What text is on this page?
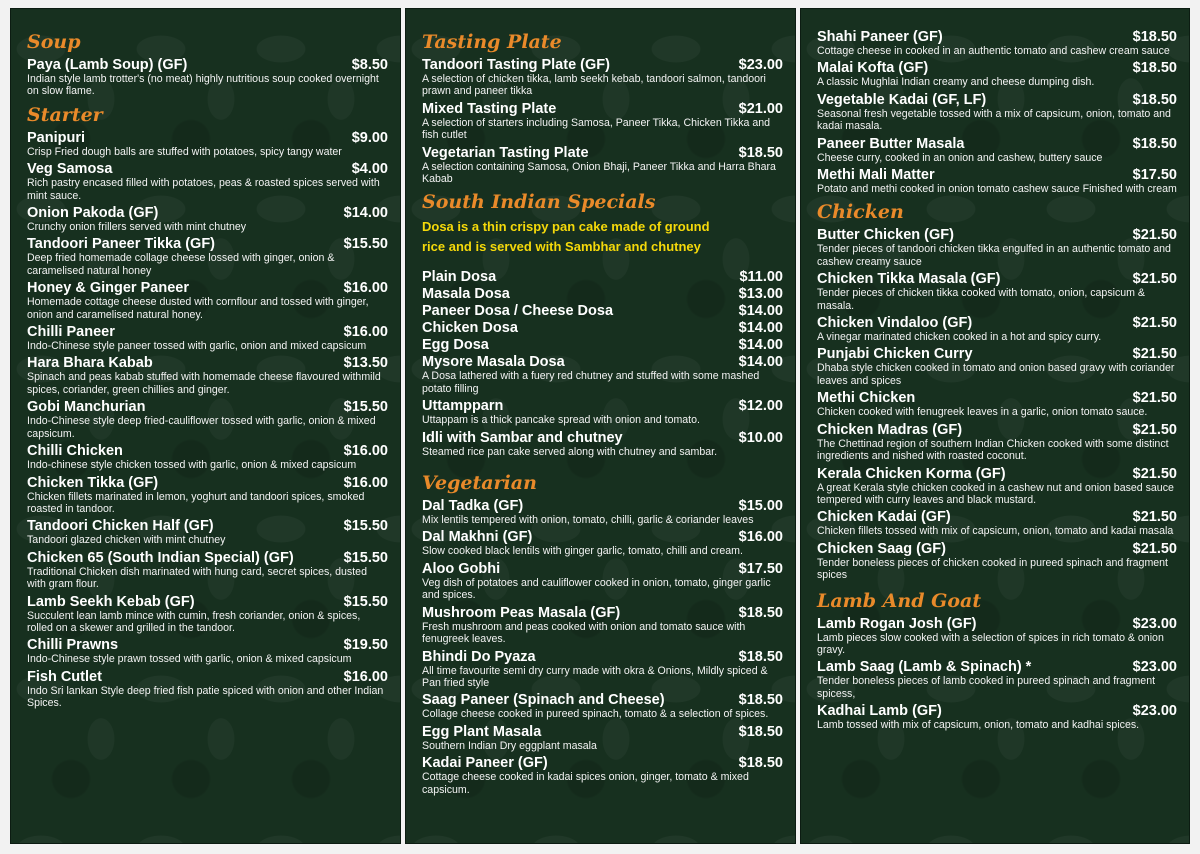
Soup
Paya (Lamb Soup) (GF)	$8.50
Indian style lamb trotter's (no meat) highly nutritious soup cooked overnight on slow flame.
Starter
Panipuri	$9.00
Crisp Fried dough balls are stuffed with potatoes, spicy tangy water
Veg Samosa	$4.00
Rich pastry encased filled with potatoes, peas & roasted spices served with mint sauce.
Onion Pakoda (GF)	$14.00
Crunchy onion frillers served with mint chutney
Tandoori Paneer Tikka (GF)	$15.50
Deep fried homemade collage cheese lossed with ginger, onion & caramelised natural honey
Honey & Ginger Paneer	$16.00
Homemade cottage cheese dusted with cornflour and tossed with ginger, onion and caramelised natural honey.
Chilli Paneer	$16.00
Indo-Chinese style paneer tossed with garlic, onion and mixed capsicum
Hara Bhara Kabab	$13.50
Spinach and peas kabab stuffed with homemade cheese flavoured withmild spices, coriander, green chillies and ginger.
Gobi Manchurian	$15.50
Indo-Chinese style deep fried-cauliflower tossed with garlic, onion & mixed capsicum.
Chilli Chicken	$16.00
Indo-chinese style chicken tossed with garlic, onion & mixed capsicum
Chicken Tikka (GF)	$16.00
Chicken fillets marinated in lemon, yoghurt and tandoori spices, smoked roasted in tandoor.
Tandoori Chicken Half (GF)	$15.50
Tandoori glazed chicken with mint chutney
Chicken 65 (South Indian Special) (GF)	$15.50
Traditional Chicken dish marinated with hung card, secret spices, dusted with gram flour.
Lamb Seekh Kebab (GF)	$15.50
Succulent lean lamb mince with cumin, fresh coriander, onion & spices, rolled on a skewer and grilled in the tandoor.
Chilli Prawns	$19.50
Indo-Chinese style prawn tossed with garlic, onion & mixed capsicum
Fish Cutlet	$16.00
Indo Sri lankan Style deep fried fish patie spiced with onion and other Indian Spices.
Tasting Plate
Tandoori Tasting Plate (GF)	$23.00
A selection of chicken tikka, lamb seekh kebab, tandoori salmon, tandoori prawn and paneer tikka
Mixed Tasting Plate	$21.00
A selection of starters including Samosa, Paneer Tikka, Chicken Tikka and fish cutlet
Vegetarian Tasting Plate	$18.50
A selection containing Samosa, Onion Bhaji, Paneer Tikka and Harra Bhara Kabab
South Indian Specials
Dosa is a thin crispy pan cake made of ground rice and is served with Sambhar and chutney
Plain Dosa	$11.00
Masala Dosa	$13.00
Paneer Dosa / Cheese Dosa	$14.00
Chicken Dosa	$14.00
Egg Dosa	$14.00
Mysore Masala Dosa	$14.00
A Dosa lathered with a fuery red chutney and stuffed with some mashed potato filling
Uttampparn	$12.00
Uttappam is a thick pancake spread with onion and tomato.
Idli with Sambar and chutney	$10.00
Steamed rice pan cake served along with chutney and sambar.
Vegetarian
Dal Tadka (GF)	$15.00
Mix lentils tempered with onion, tomato, chilli, garlic & coriander leaves
Dal Makhni (GF)	$16.00
Slow cooked black lentils with ginger garlic, tomato, chilli and cream.
Aloo Gobhi	$17.50
Veg dish of potatoes and cauliflower cooked in onion, tomato, ginger garlic and spices.
Mushroom Peas Masala (GF)	$18.50
Fresh mushroom and peas cooked with onion and tomato sauce with fenugreek leaves.
Bhindi Do Pyaza	$18.50
All time favourite semi dry curry made with okra & Onions, Mildly spiced & Pan fried style
Saag Paneer (Spinach and Cheese)	$18.50
Collage cheese cooked in pureed spinach, tomato & a selection of spices.
Egg Plant Masala	$18.50
Southern Indian Dry eggplant masala
Kadai Paneer (GF)	$18.50
Cottage cheese cooked in kadai spices onion, ginger, tomato & mixed capsicum.
Shahi Paneer (GF)	$18.50
Cottage cheese in cooked in an authentic tomato and cashew cream sauce
Malai Kofta (GF)	$18.50
A classic Mughlai Indian creamy and cheese dumping dish.
Vegetable Kadai (GF, LF)	$18.50
Seasonal fresh vegetable tossed with a mix of capsicum, onion, tomato and kadai masala.
Paneer Butter Masala	$18.50
Cheese curry, cooked in an onion and cashew, buttery sauce
Methi Mali Matter	$17.50
Potato and methi cooked in onion tomato cashew sauce Finished with cream
Chicken
Butter Chicken (GF)	$21.50
Tender pieces of tandoori chicken tikka engulfed in an authentic tomato and cashew creamy sauce
Chicken Tikka Masala (GF)	$21.50
Tender pieces of chicken tikka cooked with tomato, onion, capsicum & masala.
Chicken Vindaloo (GF)	$21.50
A vinegar marinated chicken cooked in a hot and spicy curry.
Punjabi Chicken Curry	$21.50
Dhaba style chicken cooked in tomato and onion based gravy with coriander leaves and spices
Methi Chicken	$21.50
Chicken cooked with fenugreek leaves in a garlic, onion tomato sauce.
Chicken Madras (GF)	$21.50
The Chettinad region of southern Indian Chicken cooked with some distinct ingredients and nished with roasted coconut.
Kerala Chicken Korma (GF)	$21.50
A great Kerala style chicken cooked in a cashew nut and onion based sauce tempered with curry leaves and black mustard.
Chicken Kadai (GF)	$21.50
Chicken fillets tossed with mix of capsicum, onion, tomato and kadai masala
Chicken Saag (GF)	$21.50
Tender boneless pieces of chicken cooked in pureed spinach and fragment spices
Lamb And Goat
Lamb Rogan Josh (GF)	$23.00
Lamb pieces slow cooked with a selection of spices in rich tomato & onion gravy.
Lamb Saag (Lamb & Spinach) *	$23.00
Tender boneless pieces of lamb cooked in pureed spinach and fragment spicess,
Kadhai Lamb (GF)	$23.00
Lamb tossed with mix of capsicum, onion, tomato and kadhai spices.
